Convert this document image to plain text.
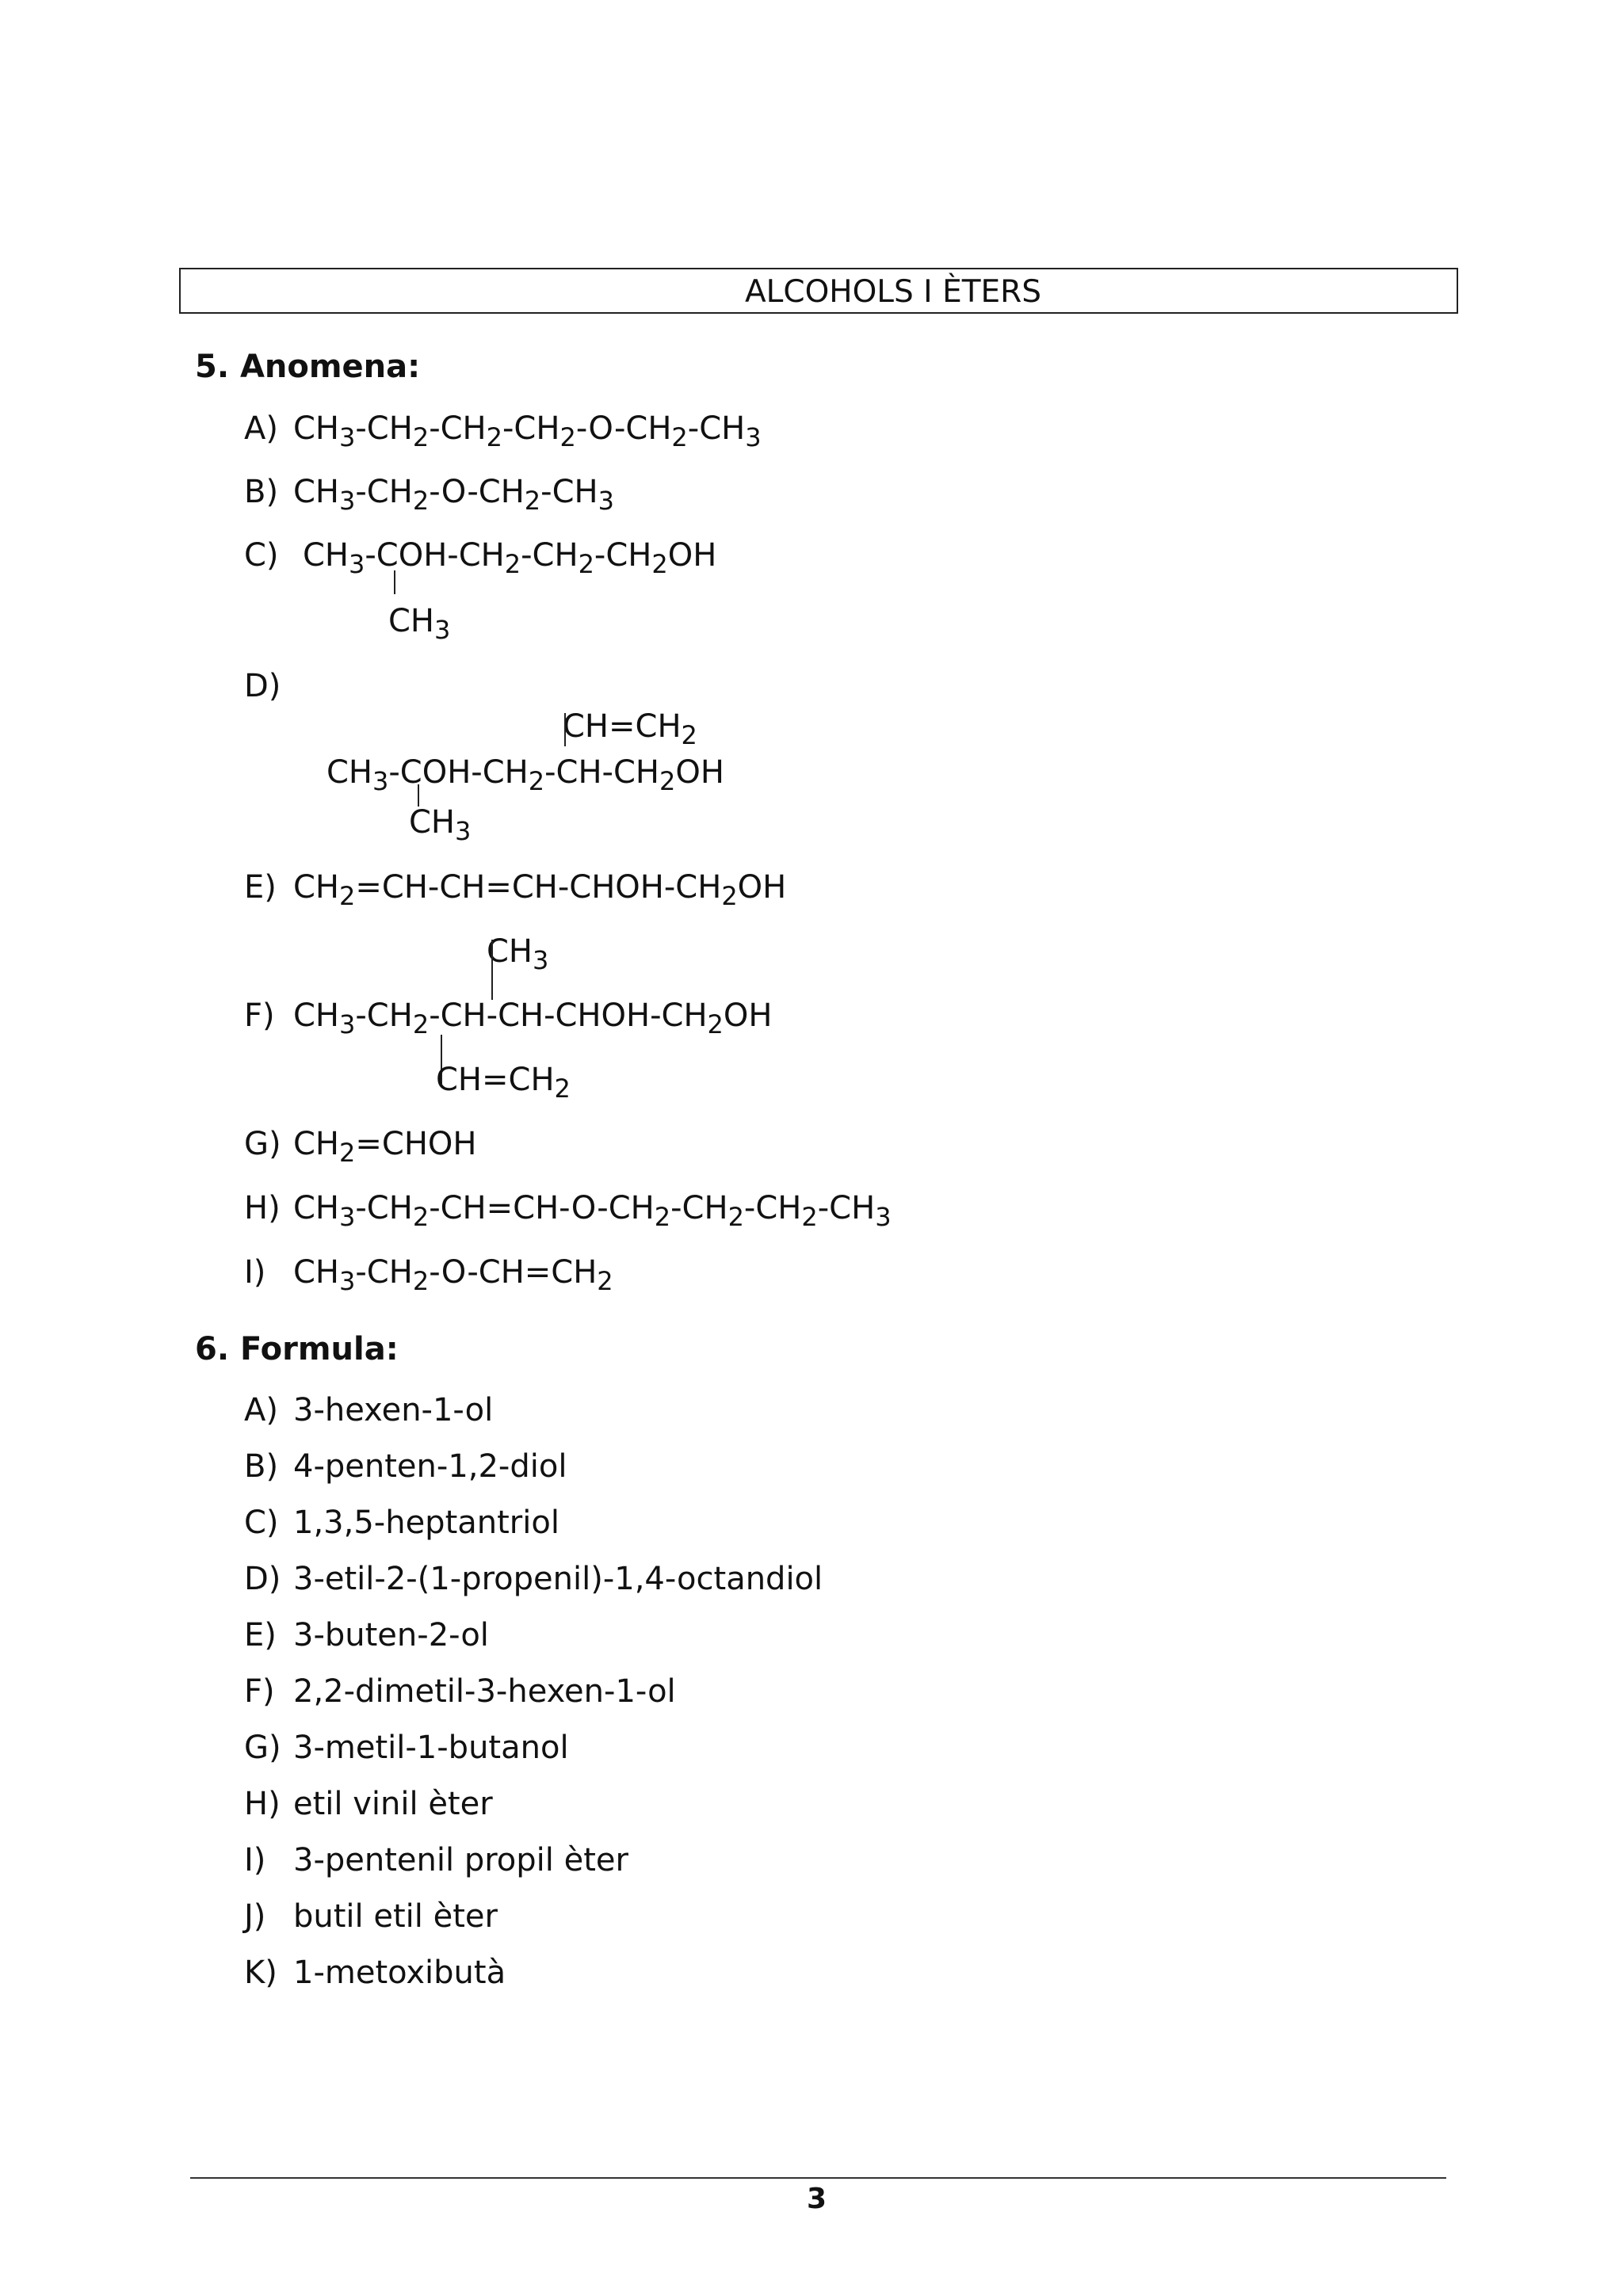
ALCOHOLS I ÈTERS
5. Anomena:
A) $CH_3-CH_2-CH_2-CH_2-O-CH_2-CH_3$
B) $CH_3-CH_2-O-CH_2-CH_3$
C) $CH_3-COH-CH_2-CH_2-CH_2OH$
$CH_3$
D)
$CH=CH_2$
$CH_3-COH-CH_2-CH-CH_2OH$
$CH_3$
E) $CH_2=CH-CH=CH-CHOH-CH_2OH$
$CH_3$
F) $CH_3-CH_2-CH-CH-CHOH-CH_2OH$
$CH=CH_2$
G) $CH_2=CHOH$
H) $CH_3-CH_2-CH=CH-O-CH_2-CH_2-CH_2-CH_3$
I) $CH_3-CH_2-O-CH=CH_2$
6. Formula:
A) 3-hexen-1-ol
B) 4-penten-1,2-diol
C) 1,3,5-heptantriol
D) 3-etil-2-(1-propenil)-1,4-octandiol
E) 3-buten-2-ol
F) 2,2-dimetil-3-hexen-1-ol
G) 3-metil-1-butanol
H) etil vinil èter
I) 3-pentenil propil èter
J) butil etil èter
K) 1-metoxibutà
3
